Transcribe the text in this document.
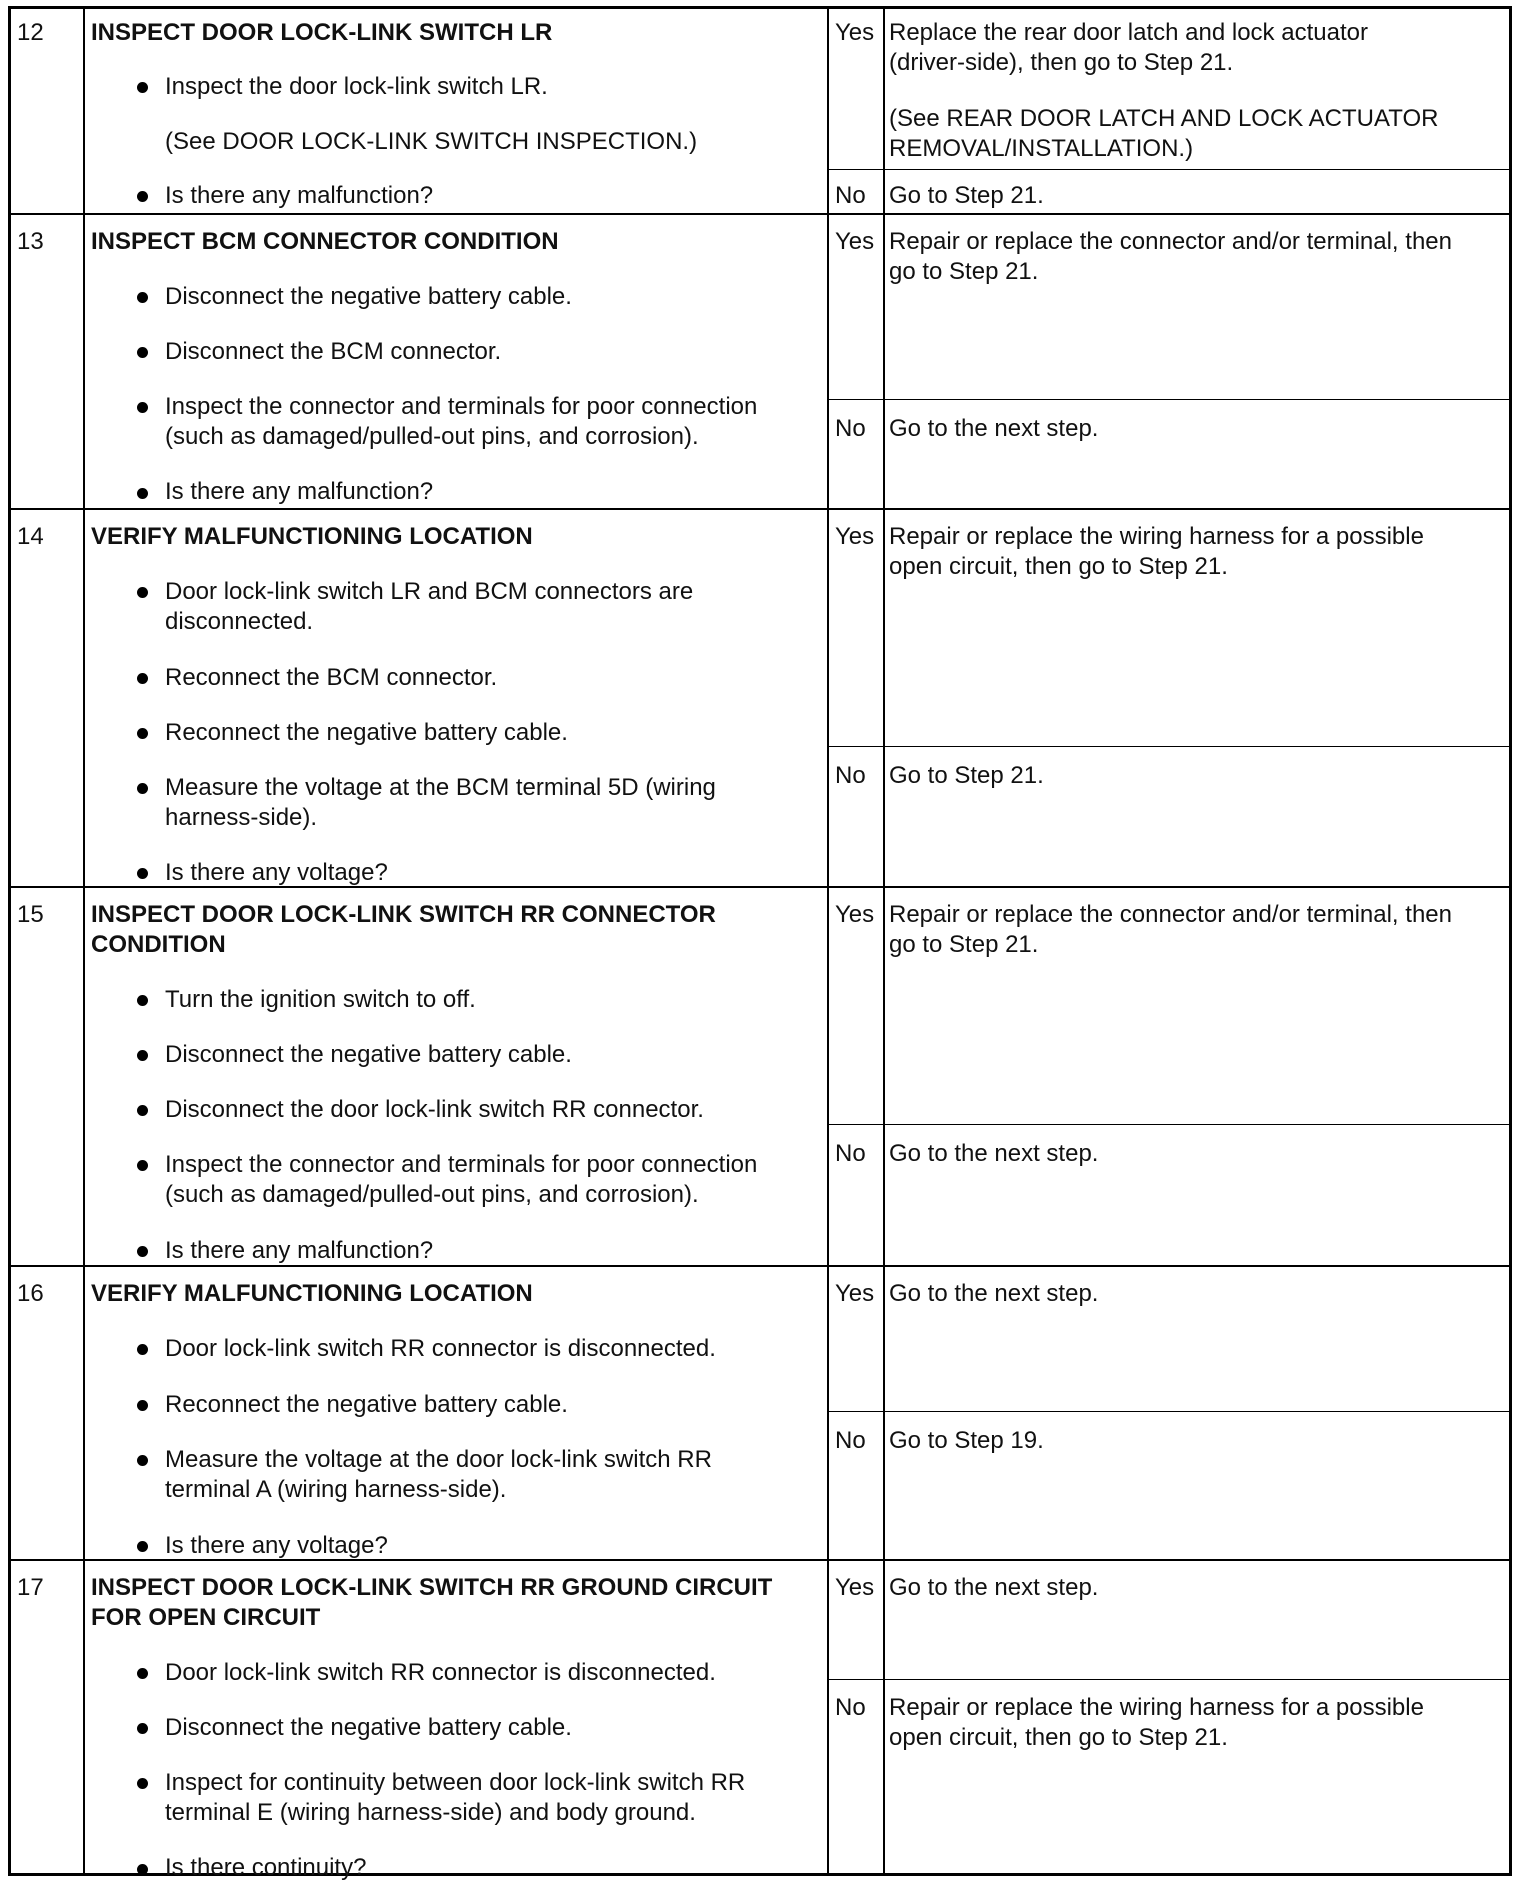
12 INSPECT DOOR LOCK-LINK SWITCH LR
Inspect the door lock-link switch LR.
(See DOOR LOCK-LINK SWITCH INSPECTION.)
Is there any malfunction?
Yes Replace the rear door latch and lock actuator
(driver-side), then go to Step 21.
(See REAR DOOR LATCH AND LOCK ACTUATOR
REMOVAL/INSTALLATION.)
No Go to Step 21.
13 INSPECT BCM CONNECTOR CONDITION
Disconnect the negative battery cable.
Disconnect the BCM connector.
Inspect the connector and terminals for poor connection
(such as damaged/pulled-out pins, and corrosion).
Is there any malfunction?
Yes Repair or replace the connector and/or terminal, then
go to Step 21.
No Go to the next step.
14 VERIFY MALFUNCTIONING LOCATION
Door lock-link switch LR and BCM connectors are
disconnected.
Reconnect the BCM connector.
Reconnect the negative battery cable.
Measure the voltage at the BCM terminal 5D (wiring
harness-side).
Is there any voltage?
Yes Repair or replace the wiring harness for a possible
open circuit, then go to Step 21.
No Go to Step 21.
15 INSPECT DOOR LOCK-LINK SWITCH RR CONNECTOR
CONDITION
Turn the ignition switch to off.
Disconnect the negative battery cable.
Disconnect the door lock-link switch RR connector.
Inspect the connector and terminals for poor connection
(such as damaged/pulled-out pins, and corrosion).
Is there any malfunction?
Yes Repair or replace the connector and/or terminal, then
go to Step 21.
No Go to the next step.
16 VERIFY MALFUNCTIONING LOCATION
Door lock-link switch RR connector is disconnected.
Reconnect the negative battery cable.
Measure the voltage at the door lock-link switch RR
terminal A (wiring harness-side).
Is there any voltage?
Yes Go to the next step.
No Go to Step 19.
17 INSPECT DOOR LOCK-LINK SWITCH RR GROUND CIRCUIT
FOR OPEN CIRCUIT
Door lock-link switch RR connector is disconnected.
Disconnect the negative battery cable.
Inspect for continuity between door lock-link switch RR
terminal E (wiring harness-side) and body ground.
Is there continuity?
Yes Go to the next step.
No Repair or replace the wiring harness for a possible
open circuit, then go to Step 21.
